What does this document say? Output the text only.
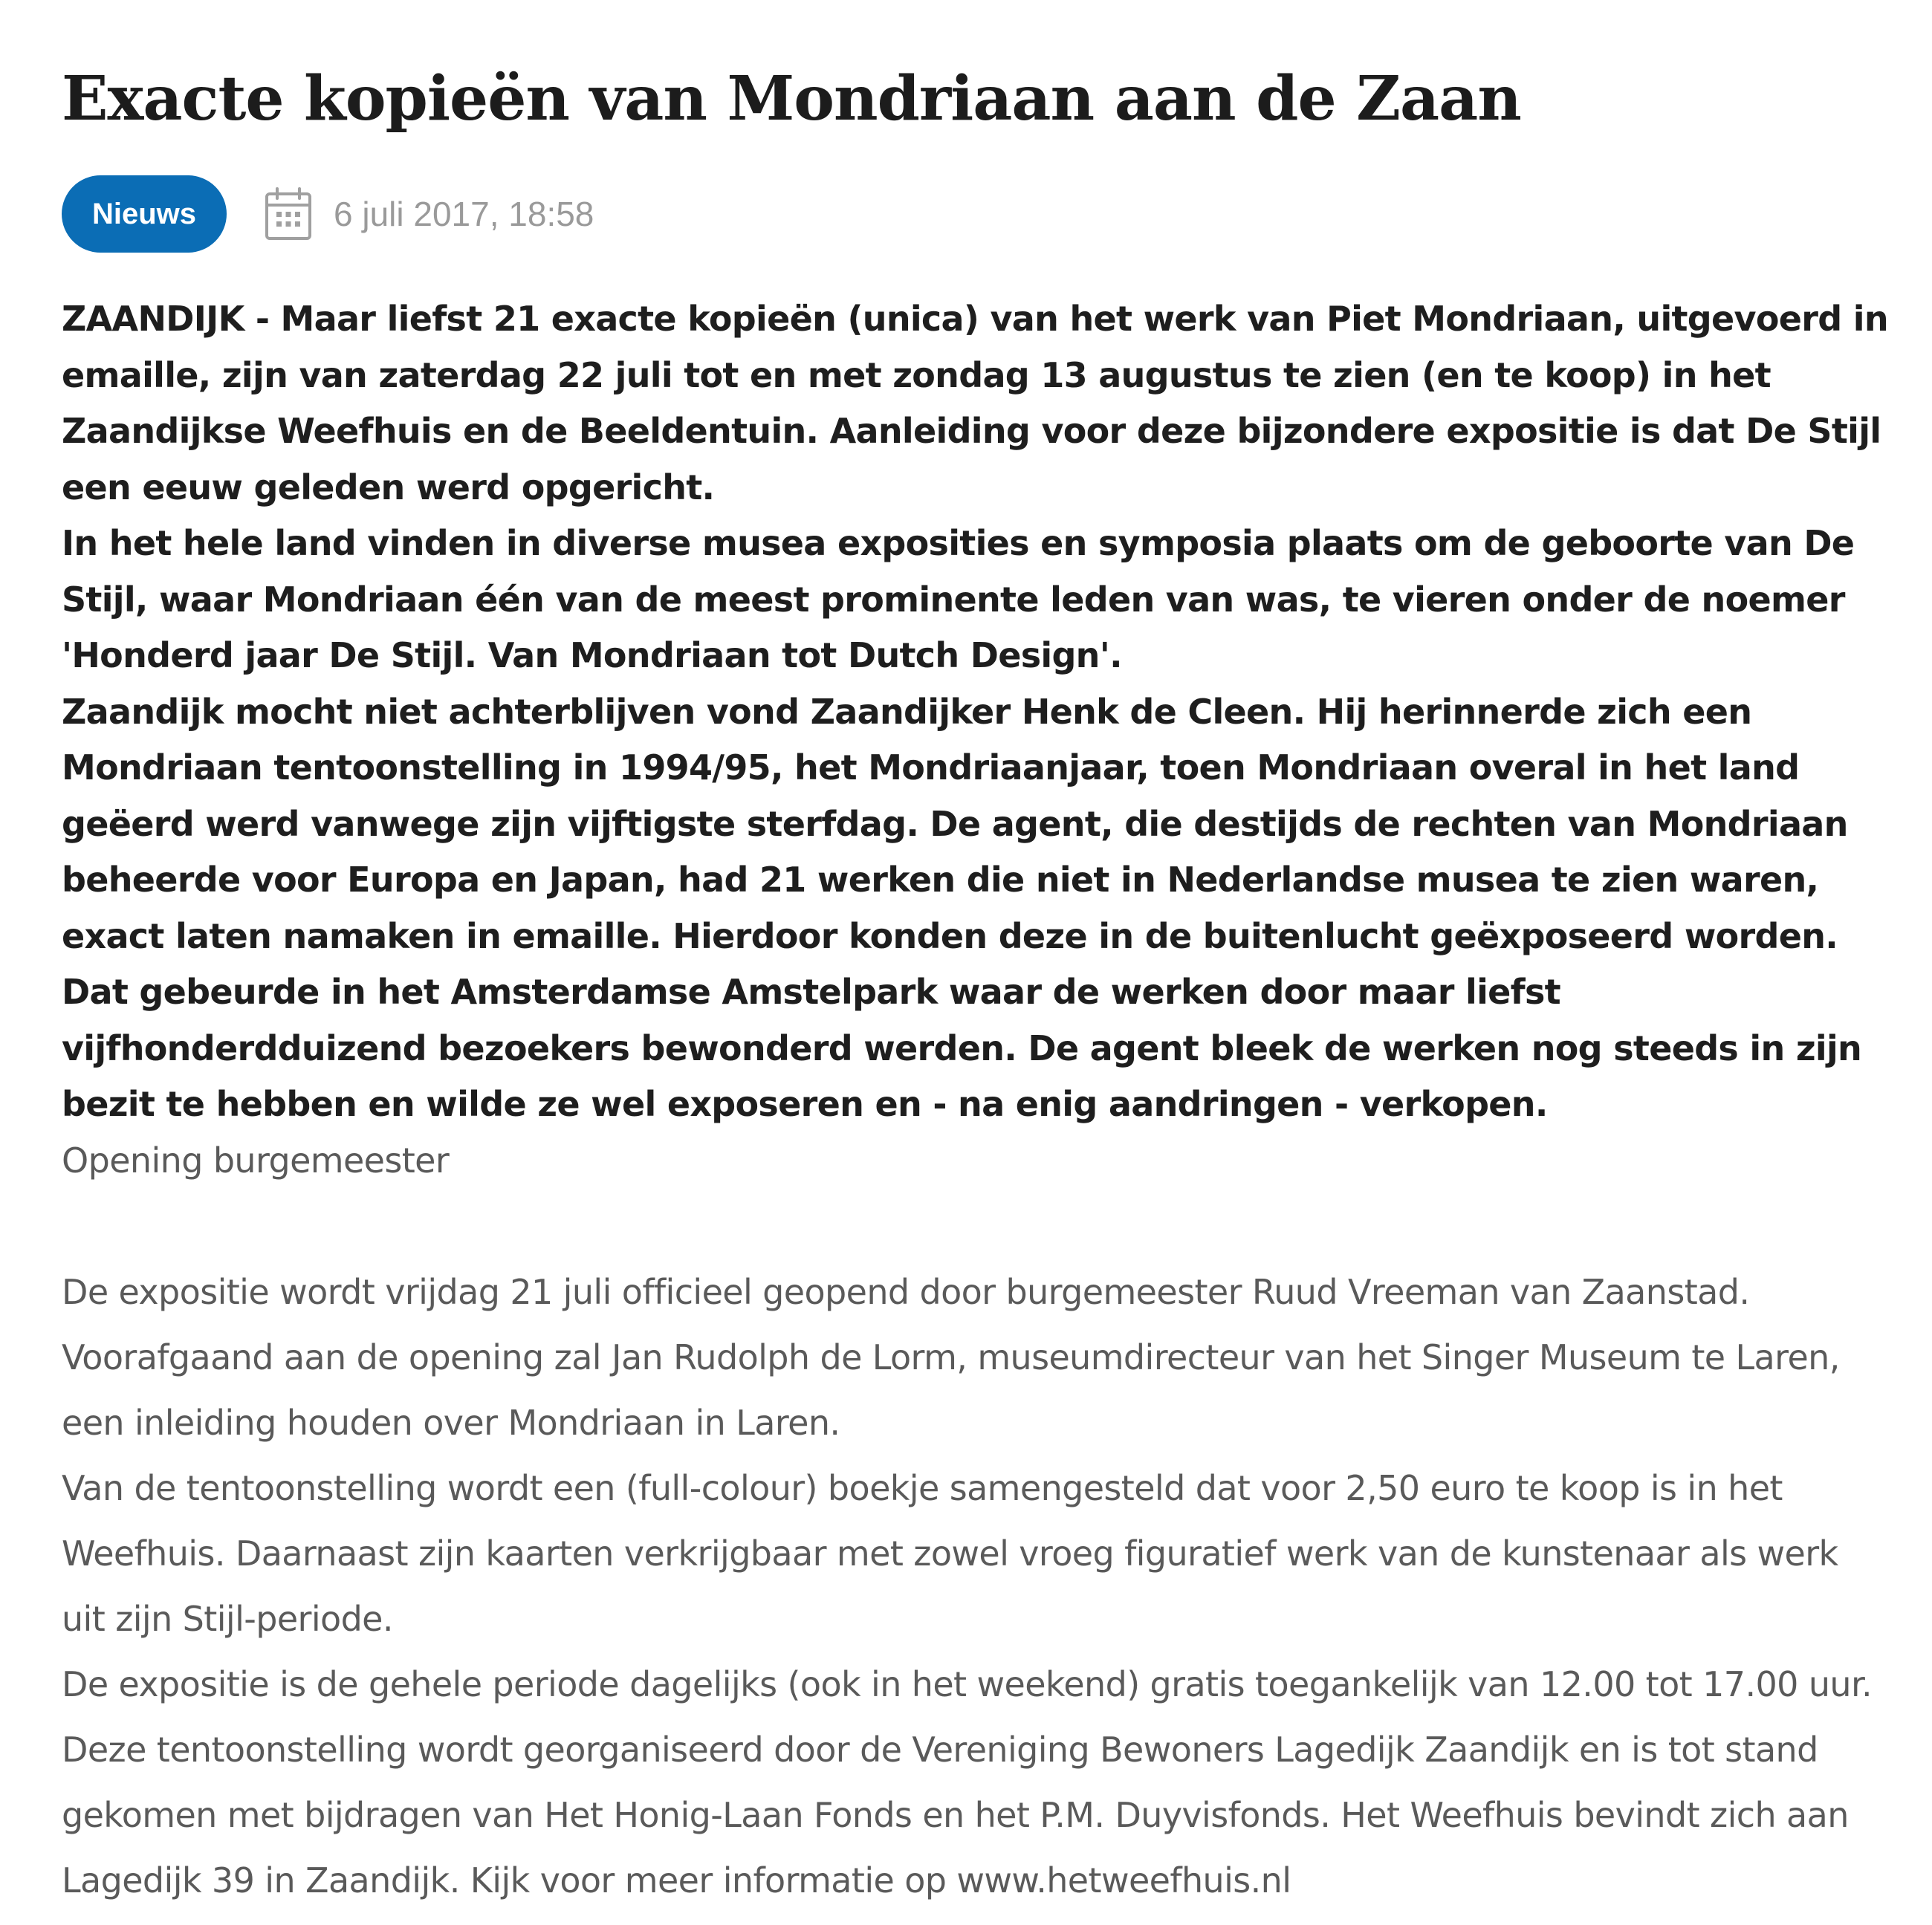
Exacte kopieën van Mondriaan aan de Zaan
Nieuws	6 juli 2017, 18:58

ZAANDIJK - Maar liefst 21 exacte kopieën (unica) van het werk van Piet Mondriaan, uitgevoerd in emaille, zijn van zaterdag 22 juli tot en met zondag 13 augustus te zien (en te koop) in het Zaandijkse Weefhuis en de Beeldentuin. Aanleiding voor deze bijzondere expositie is dat De Stijl een eeuw geleden werd opgericht.

In het hele land vinden in diverse musea exposities en symposia plaats om de geboorte van De Stijl, waar Mondriaan één van de meest prominente leden van was, te vieren onder de noemer 'Honderd jaar De Stijl. Van Mondriaan tot Dutch Design'.

Zaandijk mocht niet achterblijven vond Zaandijker Henk de Cleen. Hij herinnerde zich een Mondriaan tentoonstelling in 1994/95, het Mondriaanjaar, toen Mondriaan overal in het land geëerd werd vanwege zijn vijftigste sterfdag. De agent, die destijds de rechten van Mondriaan beheerde voor Europa en Japan, had 21 werken die niet in Nederlandse musea te zien waren, exact laten namaken in emaille. Hierdoor konden deze in de buitenlucht geëxposeerd worden. Dat gebeurde in het Amsterdamse Amstelpark waar de werken door maar liefst vijfhonderdduizend bezoekers bewonderd werden. De agent bleek de werken nog steeds in zijn bezit te hebben en wilde ze wel exposeren en - na enig aandringen - verkopen.

Opening burgemeester

De expositie wordt vrijdag 21 juli officieel geopend door burgemeester Ruud Vreeman van Zaanstad. Voorafgaand aan de opening zal Jan Rudolph de Lorm, museumdirecteur van het Singer Museum te Laren, een inleiding houden over Mondriaan in Laren.

Van de tentoonstelling wordt een (full-colour) boekje samengesteld dat voor 2,50 euro te koop is in het Weefhuis. Daarnaast zijn kaarten verkrijgbaar met zowel vroeg figuratief werk van de kunstenaar als werk uit zijn Stijl-periode.

De expositie is de gehele periode dagelijks (ook in het weekend) gratis toegankelijk van 12.00 tot 17.00 uur. Deze tentoonstelling wordt georganiseerd door de Vereniging Bewoners Lagedijk Zaandijk en is tot stand gekomen met bijdragen van Het Honig-Laan Fonds en het P.M. Duyvisfonds. Het Weefhuis bevindt zich aan Lagedijk 39 in Zaandijk. Kijk voor meer informatie op www.hetweefhuis.nl
